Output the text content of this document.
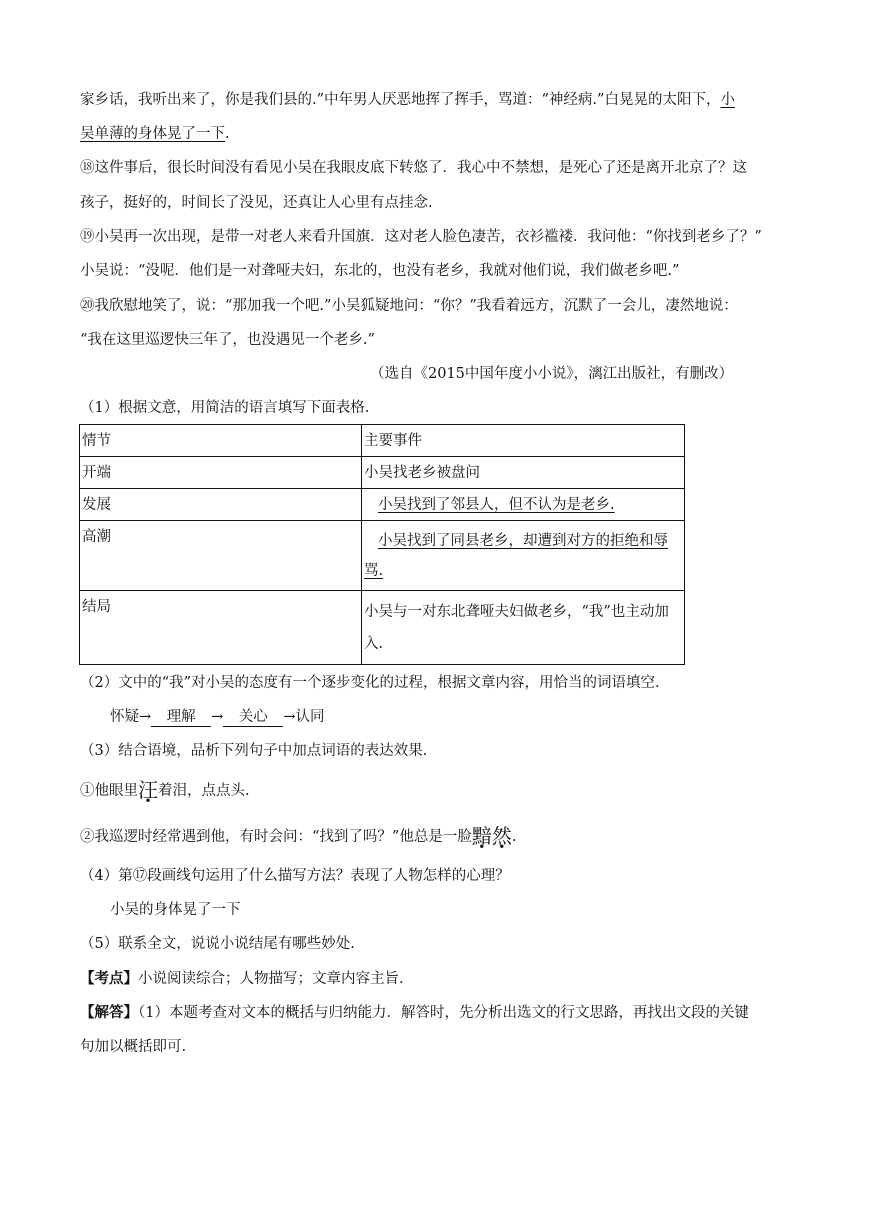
家乡话，我听出来了，你是我们县的.”中年男人厌恶地挥了挥手，骂道：“神经病.”白晃晃的太阳下，小
吴单薄的身体晃了一下.
⑱这件事后，很长时间没有看见小吴在我眼皮底下转悠了．我心中不禁想，是死心了还是离开北京了？这
孩子，挺好的，时间长了没见，还真让人心里有点挂念.
⑲小吴再一次出现，是带一对老人来看升国旗．这对老人脸色凄苦，衣衫褴褛．我问他：“你找到老乡了？”
小吴说：“没呢．他们是一对聋哑夫妇，东北的，也没有老乡，我就对他们说，我们做老乡吧.”
⑳我欣慰地笑了，说：“那加我一个吧.”小吴狐疑地问：“你？”我看着远方，沉默了一会儿，凄然地说：
“我在这里巡逻快三年了，也没遇见一个老乡.”
（选自《2015中国年度小小说》，漓江出版社，有删改）
（1）根据文意，用简洁的语言填写下面表格.
情节	主要事件
开端	小吴找老乡被盘问
发展	小吴找到了邻县人，但不认为是老乡.
高潮	小吴找到了同县老乡，却遭到对方的拒绝和辱
骂.
结局	小吴与一对东北聋哑夫妇做老乡，“我”也主动加
入.
（2）文中的“我”对小吴的态度有一个逐步变化的过程，根据文章内容，用恰当的词语填空.
怀疑→ 理解 → 关心 →认同
（3）结合语境，品析下列句子中加点词语的表达效果.
①他眼里汪着泪，点点头.
②我巡逻时经常遇到他，有时会问：“找到了吗？”他总是一脸黯然.
（4）第⑰段画线句运用了什么描写方法？表现了人物怎样的心理？
小吴的身体晃了一下
（5）联系全文，说说小说结尾有哪些妙处.
【考点】小说阅读综合；人物描写；文章内容主旨.
【解答】（1）本题考查对文本的概括与归纳能力．解答时，先分析出选文的行文思路，再找出文段的关键
句加以概括即可.
